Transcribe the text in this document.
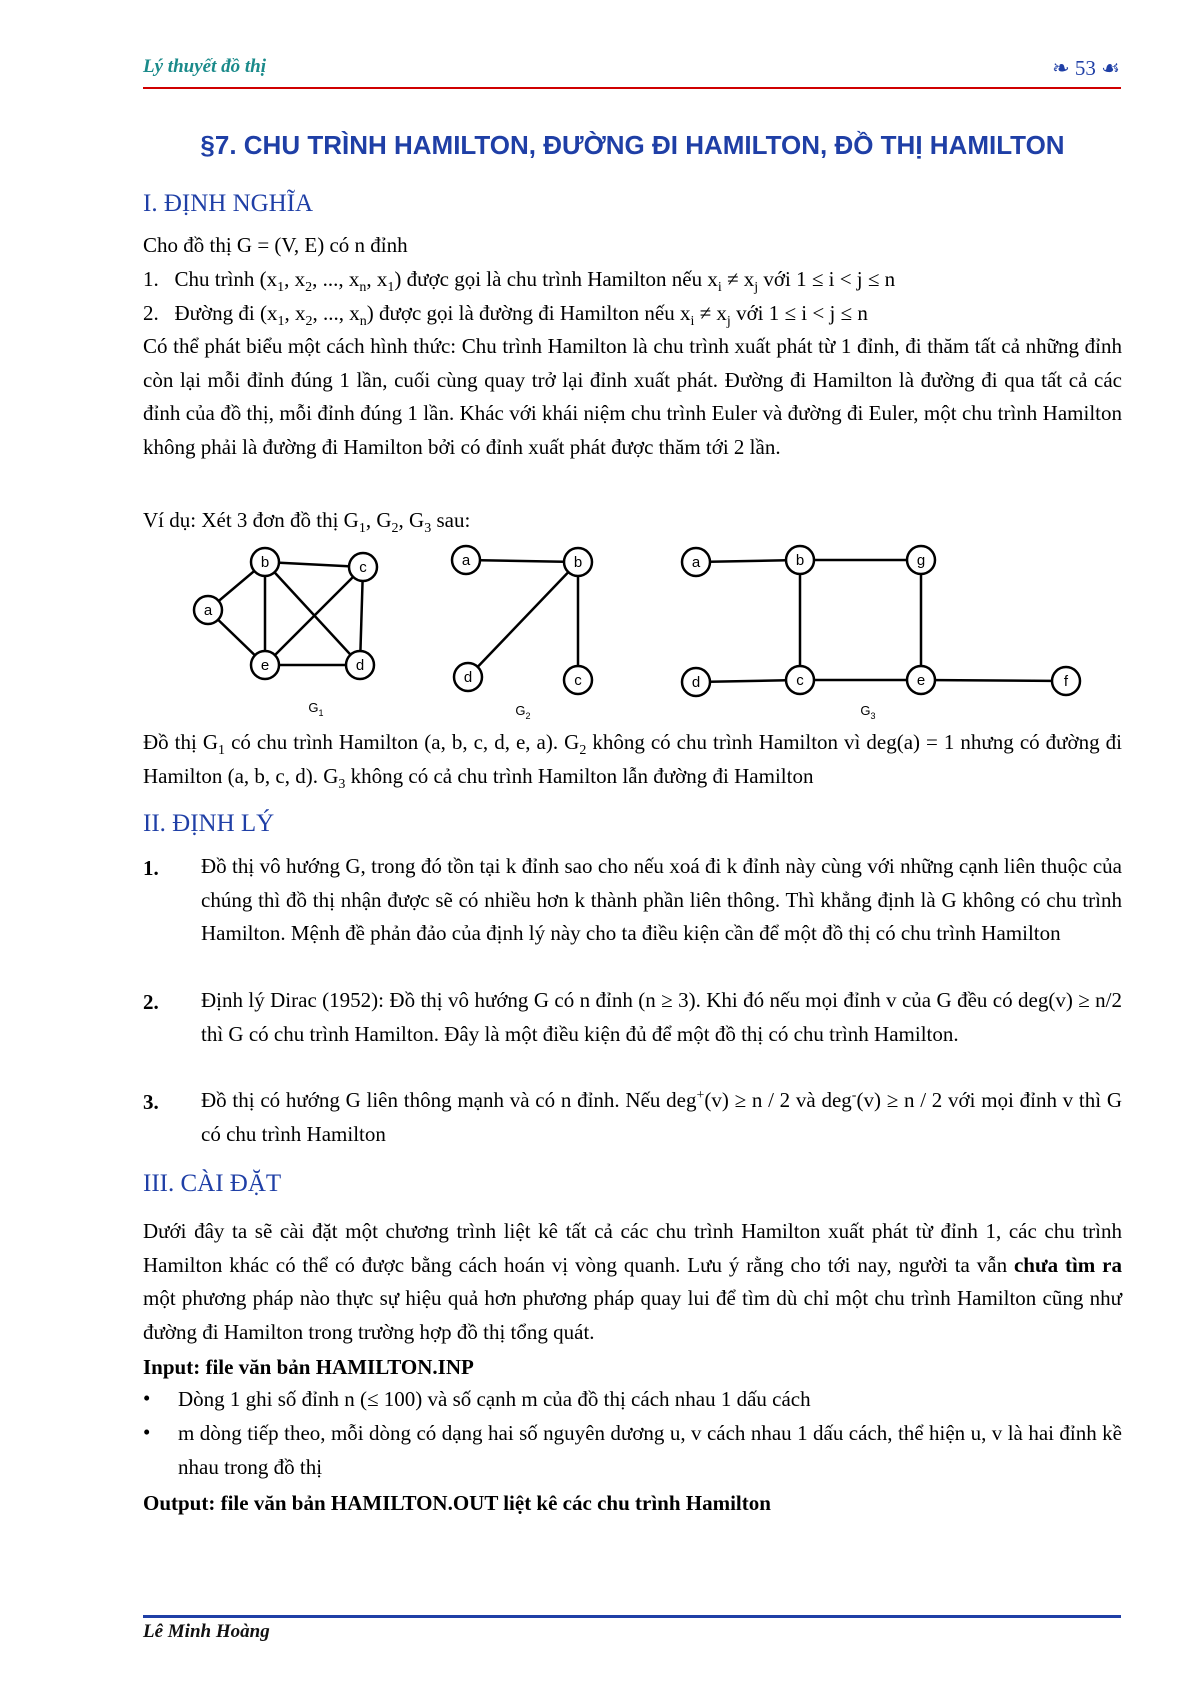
Lý thuyết đồ thị	❧ 53 ☙
§7. CHU TRÌNH HAMILTON, ĐƯỜNG ĐI HAMILTON, ĐỒ THỊ HAMILTON
I. ĐỊNH NGHĨA
Cho đồ thị G = (V, E) có n đỉnh
1.   Chu trình ($x_1$, $x_2$, ..., $x_n$, $x_1$) được gọi là chu trình Hamilton nếu $x_i \ne x_j$ với 1 ≤ i < j ≤ n
2.   Đường đi ($x_1$, $x_2$, ..., $x_n$) được gọi là đường đi Hamilton nếu $x_i \ne x_j$ với 1 ≤ i < j ≤ n
Có thể phát biểu một cách hình thức: Chu trình Hamilton là chu trình xuất phát từ 1 đỉnh, đi thăm tất cả những đỉnh còn lại mỗi đỉnh đúng 1 lần, cuối cùng quay trở lại đỉnh xuất phát. Đường đi Hamilton là đường đi qua tất cả các đỉnh của đồ thị, mỗi đỉnh đúng 1 lần. Khác với khái niệm chu trình Euler và đường đi Euler, một chu trình Hamilton không phải là đường đi Hamilton bởi có đỉnh xuất phát được thăm tới 2 lần.
Ví dụ: Xét 3 đơn đồ thị $G_1$, $G_2$, $G_3$ sau:
a
b	c
d
e
a	b
c
d
a	b	g
d	c	e	f
$G_1$	$G_2$	$G_3$
Đồ thị $G_1$ có chu trình Hamilton (a, b, c, d, e, a). $G_2$ không có chu trình Hamilton vì deg(a) = 1 nhưng có đường đi Hamilton (a, b, c, d). $G_3$ không có cả chu trình Hamilton lẫn đường đi Hamilton
II. ĐỊNH LÝ
1. Đồ thị vô hướng G, trong đó tồn tại k đỉnh sao cho nếu xoá đi k đỉnh này cùng với những cạnh liên thuộc của chúng thì đồ thị nhận được sẽ có nhiều hơn k thành phần liên thông. Thì khẳng định là G không có chu trình Hamilton. Mệnh đề phản đảo của định lý này cho ta điều kiện cần để một đồ thị có chu trình Hamilton
2. Định lý Dirac (1952): Đồ thị vô hướng G có n đỉnh (n ≥ 3). Khi đó nếu mọi đỉnh v của G đều có deg(v) ≥ n/2 thì G có chu trình Hamilton. Đây là một điều kiện đủ để một đồ thị có chu trình Hamilton.
3. Đồ thị có hướng G liên thông mạnh và có n đỉnh. Nếu deg+(v) ≥ n / 2 và deg-(v) ≥ n / 2 với mọi đỉnh v thì G có chu trình Hamilton
III. CÀI ĐẶT
Dưới đây ta sẽ cài đặt một chương trình liệt kê tất cả các chu trình Hamilton xuất phát từ đỉnh 1, các chu trình Hamilton khác có thể có được bằng cách hoán vị vòng quanh. Lưu ý rằng cho tới nay, người ta vẫn chưa tìm ra một phương pháp nào thực sự hiệu quả hơn phương pháp quay lui để tìm dù chỉ một chu trình Hamilton cũng như đường đi Hamilton trong trường hợp đồ thị tổng quát.
Input: file văn bản HAMILTON.INP
• Dòng 1 ghi số đỉnh n (≤ 100) và số cạnh m của đồ thị cách nhau 1 dấu cách
• m dòng tiếp theo, mỗi dòng có dạng hai số nguyên dương u, v cách nhau 1 dấu cách, thể hiện u, v là hai đỉnh kề nhau trong đồ thị
Output: file văn bản HAMILTON.OUT liệt kê các chu trình Hamilton
Lê Minh Hoàng
